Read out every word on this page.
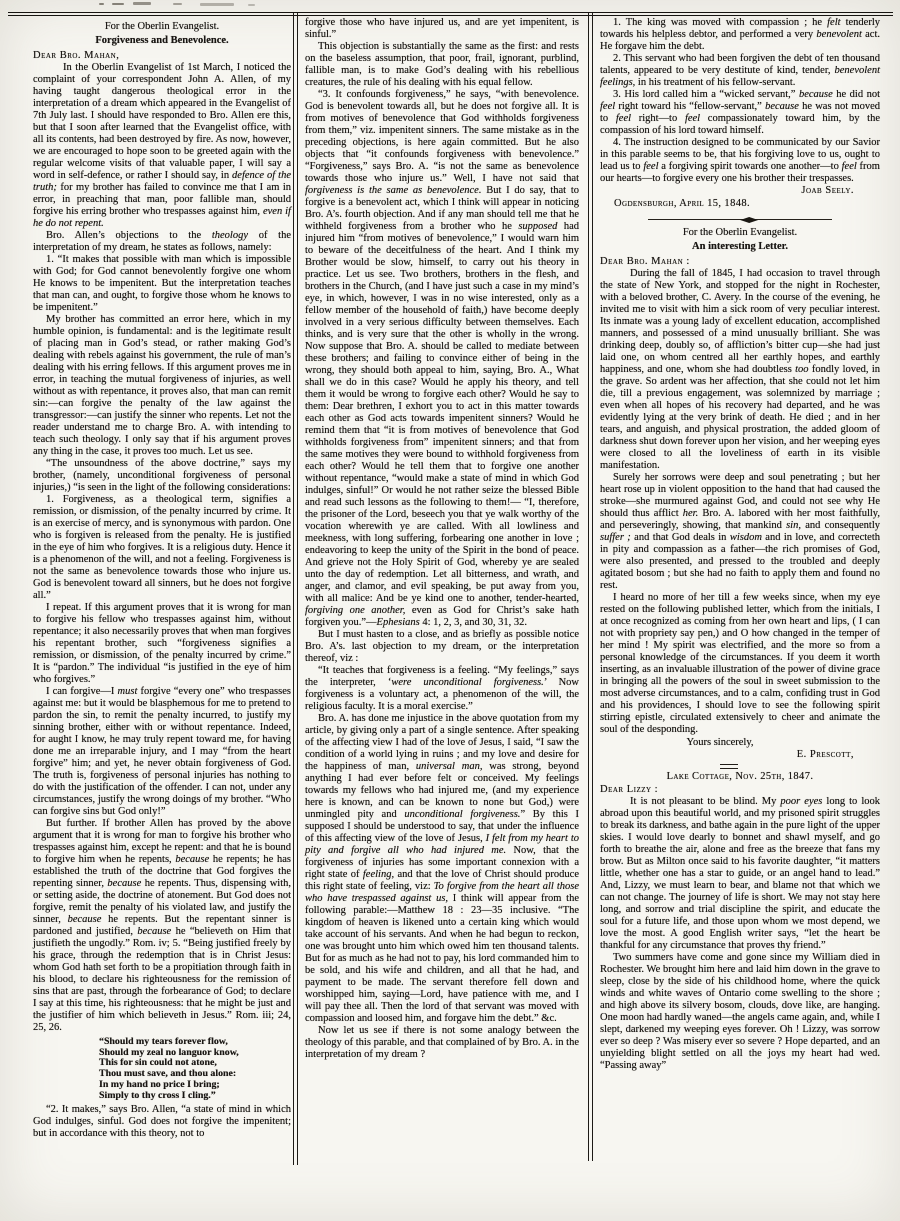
For the Oberlin Evangelist.
Forgiveness and Benevolence.
Dear Bro. Mahan,
In the Oberlin Evangelist of 1st March, I noticed the complaint of your correspondent John A. Allen, of my having taught dangerous theological error in the interpretation of a dream which appeared in the Evangelist of 7th July last. I should have responded to Bro. Allen ere this, but that I soon after learned that the Evangelist office, with all its contents, had been destroyed by fire. As now, however, we are encouraged to hope soon to be greeted again with the regular welcome visits of that valuable paper, I will say a word in self-defence, or rather I should say, in defence of the truth; for my brother has failed to convince me that I am in error, in preaching that man, poor fallible man, should forgive his erring brother who trespasses against him, even if he do not repent.
Bro. Allen’s objections to the theology of the interpretation of my dream, he states as follows, namely:
1. “It makes that possible with man which is impossible with God; for God cannot benevolently forgive one whom He knows to be impenitent. But the interpretation teaches that man can, and ought, to forgive those whom he knows to be impenitent.”
My brother has committed an error here, which in my humble opinion, is fundamental: and is the legitimate result of placing man in God’s stead, or rather making God’s dealing with rebels against his government, the rule of man’s dealing with his erring fellows. If this argument proves me in error, in teaching the mutual forgiveness of injuries, as well without as with repentance, it proves also, that man can remit sin:—can forgive the penalty of the law against the transgressor:—can justify the sinner who repents. Let not the reader understand me to charge Bro. A. with intending to teach such theology. I only say that if his argument proves any thing in the case, it proves too much. Let us see.
“The unsoundness of the above doctrine,” says my brother, (namely, unconditional forgiveness of personal injuries,) “is seen in the light of the following considerations:
1. Forgiveness, as a theological term, signifies a remission, or dismission, of the penalty incurred by crime. It is an exercise of mercy, and is synonymous with pardon. One who is forgiven is released from the penalty. He is justified in the eye of him who forgives. It is a religious duty. Hence it is a phenomenon of the will, and not a feeling. Forgiveness is not the same as benevolence towards those who injure us. God is benevolent toward all sinners, but he does not forgive all.”
I repeat. If this argument proves that it is wrong for man to forgive his fellow who trespasses against him, without repentance; it also necessarily proves that when man forgives his repentant brother, such “forgiveness signifies a remission, or dismission, of the penalty incurred by crime.” It is “pardon.” The individual “is justified in the eye of him who forgives.”
I can forgive—I must forgive “every one” who trespasses against me: but it would be blasphemous for me to pretend to pardon the sin, to remit the penalty incurred, to justify my sinning brother, either with or without repentance. Indeed, for aught I know, he may truly repent toward me, for having done me an irreparable injury, and I may “from the heart forgive” him; and yet, he never obtain forgiveness of God. The truth is, forgiveness of personal injuries has nothing to do with the justification of the offender. I can not, under any circumstances, justify the wrong doings of my brother. “Who can forgive sins but God only!”
But further. If brother Allen has proved by the above argument that it is wrong for man to forgive his brother who trespasses against him, except he repent: and that he is bound to forgive him when he repents, because he repents; he has established the truth of the doctrine that God forgives the repenting sinner, because he repents. Thus, dispensing with, or setting aside, the doctrine of atonement. But God does not forgive, remit the penalty of his violated law, and justify the sinner, because he repents. But the repentant sinner is pardoned and justified, because he “believeth on Him that justifieth the ungodly.” Rom. iv; 5. “Being justified freely by his grace, through the redemption that is in Christ Jesus: whom God hath set forth to be a propitiation through faith in his blood, to declare his righteousness for the remission of sins that are past, through the forbearance of God; to declare I say at this time, his righteousness: that he might be just and the justifier of him which believeth in Jesus.” Rom. iii; 24, 25, 26.
“Should my tears forever flow,
Should my zeal no languor know,
This for sin could not atone,
Thou must save, and thou alone:
In my hand no price I bring;
Simply to thy cross I cling.”
“2. It makes,” says Bro. Allen, “a state of mind in which God indulges, sinful. God does not forgive the impenitent; but in accordance with this theory, not to
forgive those who have injured us, and are yet impenitent, is sinful.”
This objection is substantially the same as the first: and rests on the baseless assumption, that poor, frail, ignorant, purblind, fallible man, is to make God’s dealing with his rebellious creatures, the rule of his dealing with his equal fellow.
“3. It confounds forgiveness,” he says, “with benevolence. God is benevolent towards all, but he does not forgive all. It is from motives of benevolence that God withholds forgiveness from them,” viz. impenitent sinners. The same mistake as in the preceding objections, is here again committed. But he also objects that “it confounds forgiveness with benevolence.” “Forgiveness,” says Bro. A. “is not the same as benevolence towards those who injure us.” Well, I have not said that forgiveness is the same as benevolence. But I do say, that to forgive is a benevolent act, which I think will appear in noticing Bro. A’s. fourth objection. And if any man should tell me that he withheld forgiveness from a brother who he supposed had injured him “from motives of benevolence,” I would warn him to beware of the deceitfulness of the heart. And I think my Brother would be slow, himself, to carry out his theory in practice. Let us see. Two brothers, brothers in the flesh, and brothers in the Church, (and I have just such a case in my mind’s eye, in which, however, I was in no wise interested, only as a fellow member of the household of faith,) have become deeply involved in a very serious difficulty between themselves. Each thinks, and is very sure that the other is wholly in the wrong. Now suppose that Bro. A. should be called to mediate between these brothers; and failing to convince either of being in the wrong, they should both appeal to him, saying, Bro. A., What shall we do in this case? Would he apply his theory, and tell them it would be wrong to forgive each other? Would he say to them: Dear brethren, I exhort you to act in this matter towards each other as God acts towards impenitent sinners? Would he remind them that “it is from motives of benevolence that God withholds forgiveness from” impenitent sinners; and that from the same motives they were bound to withhold forgiveness from each other? Would he tell them that to forgive one another without repentance, “would make a state of mind in which God indulges, sinful!” Or would he not rather seize the blessed Bible and read such lessons as the following to them!— “I, therefore, the prisoner of the Lord, beseech you that ye walk worthy of the vocation wherewith ye are called. With all lowliness and meekness, with long suffering, forbearing one another in love ; endeavoring to keep the unity of the Spirit in the bond of peace. And grieve not the Holy Spirit of God, whereby ye are sealed unto the day of redemption. Let all bitterness, and wrath, and anger, and clamor, and evil speaking, be put away from you, with all malice: And be ye kind one to another, tender-hearted, forgiving one another, even as God for Christ’s sake hath forgiven you.”—Ephesians 4: 1, 2, 3, and 30, 31, 32.
But I must hasten to a close, and as briefly as possible notice Bro. A’s. last objection to my dream, or the interpretation thereof, viz :
“It teaches that forgiveness is a feeling. “My feelings,” says the interpreter, ‘were unconditional forgiveness.’ Now forgiveness is a voluntary act, a phenomenon of the will, the religious faculty. It is a moral exercise.”
Bro. A. has done me injustice in the above quotation from my article, by giving only a part of a single sentence. After speaking of the affecting view I had of the love of Jesus, I said, “I saw the condition of a world lying in ruins ; and my love and desire for the happiness of man, universal man, was strong, beyond anything I had ever before felt or conceived. My feelings towards my fellows who had injured me, (and my experience here is known, and can be known to none but God,) were unmingled pity and unconditional forgiveness.” By this I supposed I should be understood to say, that under the influence of this affecting view of the love of Jesus, I felt from my heart to pity and forgive all who had injured me. Now, that the forgiveness of injuries has some important connexion with a right state of feeling, and that the love of Christ should produce this right state of feeling, viz: To forgive from the heart all those who have trespassed against us, I think will appear from the following parable:—Matthew 18 : 23—35 inclusive. “The kingdom of heaven is likened unto a certain king which would take account of his servants. And when he had begun to reckon, one was brought unto him which owed him ten thousand talents. But for as much as he had not to pay, his lord commanded him to be sold, and his wife and children, and all that he had, and payment to be made. The servant therefore fell down and worshipped him, saying—Lord, have patience with me, and I will pay thee all. Then the lord of that servant was moved with compassion and loosed him, and forgave him the debt.” &c.
Now let us see if there is not some analogy between the theology of this parable, and that complained of by Bro. A. in the interpretation of my dream ?
1. The king was moved with compassion ; he felt tenderly towards his helpless debtor, and performed a very benevolent act. He forgave him the debt.
2. This servant who had been forgiven the debt of ten thousand talents, appeared to be very destitute of kind, tender, benevolent feelings, in his treatment of his fellow-servant.
3. His lord called him a “wicked servant,” because he did not feel right toward his “fellow-servant,” because he was not moved to feel right—to feel compassionately toward him, by the compassion of his lord toward himself.
4. The instruction designed to be communicated by our Savior in this parable seems to be, that his forgiving love to us, ought to lead us to feel a forgiving spirit towards one another—to feel from our hearts—to forgive every one his brother their trespasses.
Joab Seely.
Ogdensburgh, April 15, 1848.
For the Oberlin Evangelist.
An interesting Letter.
Dear Bro. Mahan :
During the fall of 1845, I had occasion to travel through the state of New York, and stopped for the night in Rochester, with a beloved brother, C. Avery. In the course of the evening, he invited me to visit with him a sick room of very peculiar interest. Its inmate was a young lady of excellent education, accomplished manners, and possessed of a mind unusually brilliant. She was drinking deep, doubly so, of affliction’s bitter cup—she had just laid one, on whom centred all her earthly hopes, and earthly happiness, and one, whom she had doubtless too fondly loved, in the grave. So ardent was her affection, that she could not let him die, till a previous engagement, was solemnized by marriage ; even when all hopes of his recovery had departed, and he was evidently lying at the very brink of death. He died ; and in her tears, and anguish, and physical prostration, the added gloom of darkness shut down forever upon her vision, and her weeping eyes were closed to all the loveliness of earth in its visible manifestation.
Surely her sorrows were deep and soul penetrating ; but her heart rose up in violent opposition to the hand that had caused the stroke—she murmured against God, and could not see why He should thus afflict her. Bro. A. labored with her most faithfully, and perseveringly, showing, that mankind sin, and consequently suffer ; and that God deals in wisdom and in love, and correcteth in pity and compassion as a father—the rich promises of God, were also presented, and pressed to the troubled and deeply agitated bosom ; but she had no faith to apply them and found no rest.
I heard no more of her till a few weeks since, when my eye rested on the following published letter, which from the initials, I at once recognized as coming from her own heart and lips, ( I can not with propriety say pen,) and O how changed in the temper of her mind ! My spirit was electrified, and the more so from a personal knowledge of the circumstances. If you deem it worth inserting, as an invaluable illustration of the power of divine grace in bringing all the powers of the soul in sweet submission to the most adverse circumstances, and to a calm, confiding trust in God and his providences, I should love to see the following spirit stirring epistle, circulated extensively to cheer and animate the soul of the desponding.
Yours sincerely,
E. Prescott,
Lake Cottage, Nov. 25th, 1847.
Dear Lizzy :
It is not pleasant to be blind. My poor eyes long to look abroad upon this beautiful world, and my prisoned spirit struggles to break its darkness, and bathe again in the pure light of the upper skies. I would love dearly to bonnet and shawl myself, and go forth to breathe the air, alone and free as the breeze that fans my brow. But as Milton once said to his favorite daughter, “it matters little, whether one has a star to guide, or an angel hand to lead.” And, Lizzy, we must learn to bear, and blame not that which we can not change. The journey of life is short. We may not stay here long, and sorrow and trial discipline the spirit, and educate the soul for a future life, and those upon whom we most depend, we love the most. A good English writer says, “let the heart be thankful for any circumstance that proves thy friend.”
Two summers have come and gone since my William died in Rochester. We brought him here and laid him down in the grave to sleep, close by the side of his childhood home, where the quick winds and white waves of Ontario come swelling to the shore ; and high above its silvery bosom, clouds, dove like, are hanging. One moon had hardly waned—the angels came again, and, while I slept, darkened my weeping eyes forever. Oh ! Lizzy, was sorrow ever so deep ? Was misery ever so severe ? Hope departed, and an unyielding blight settled on all the joys my heart had wed. “Passing away”
